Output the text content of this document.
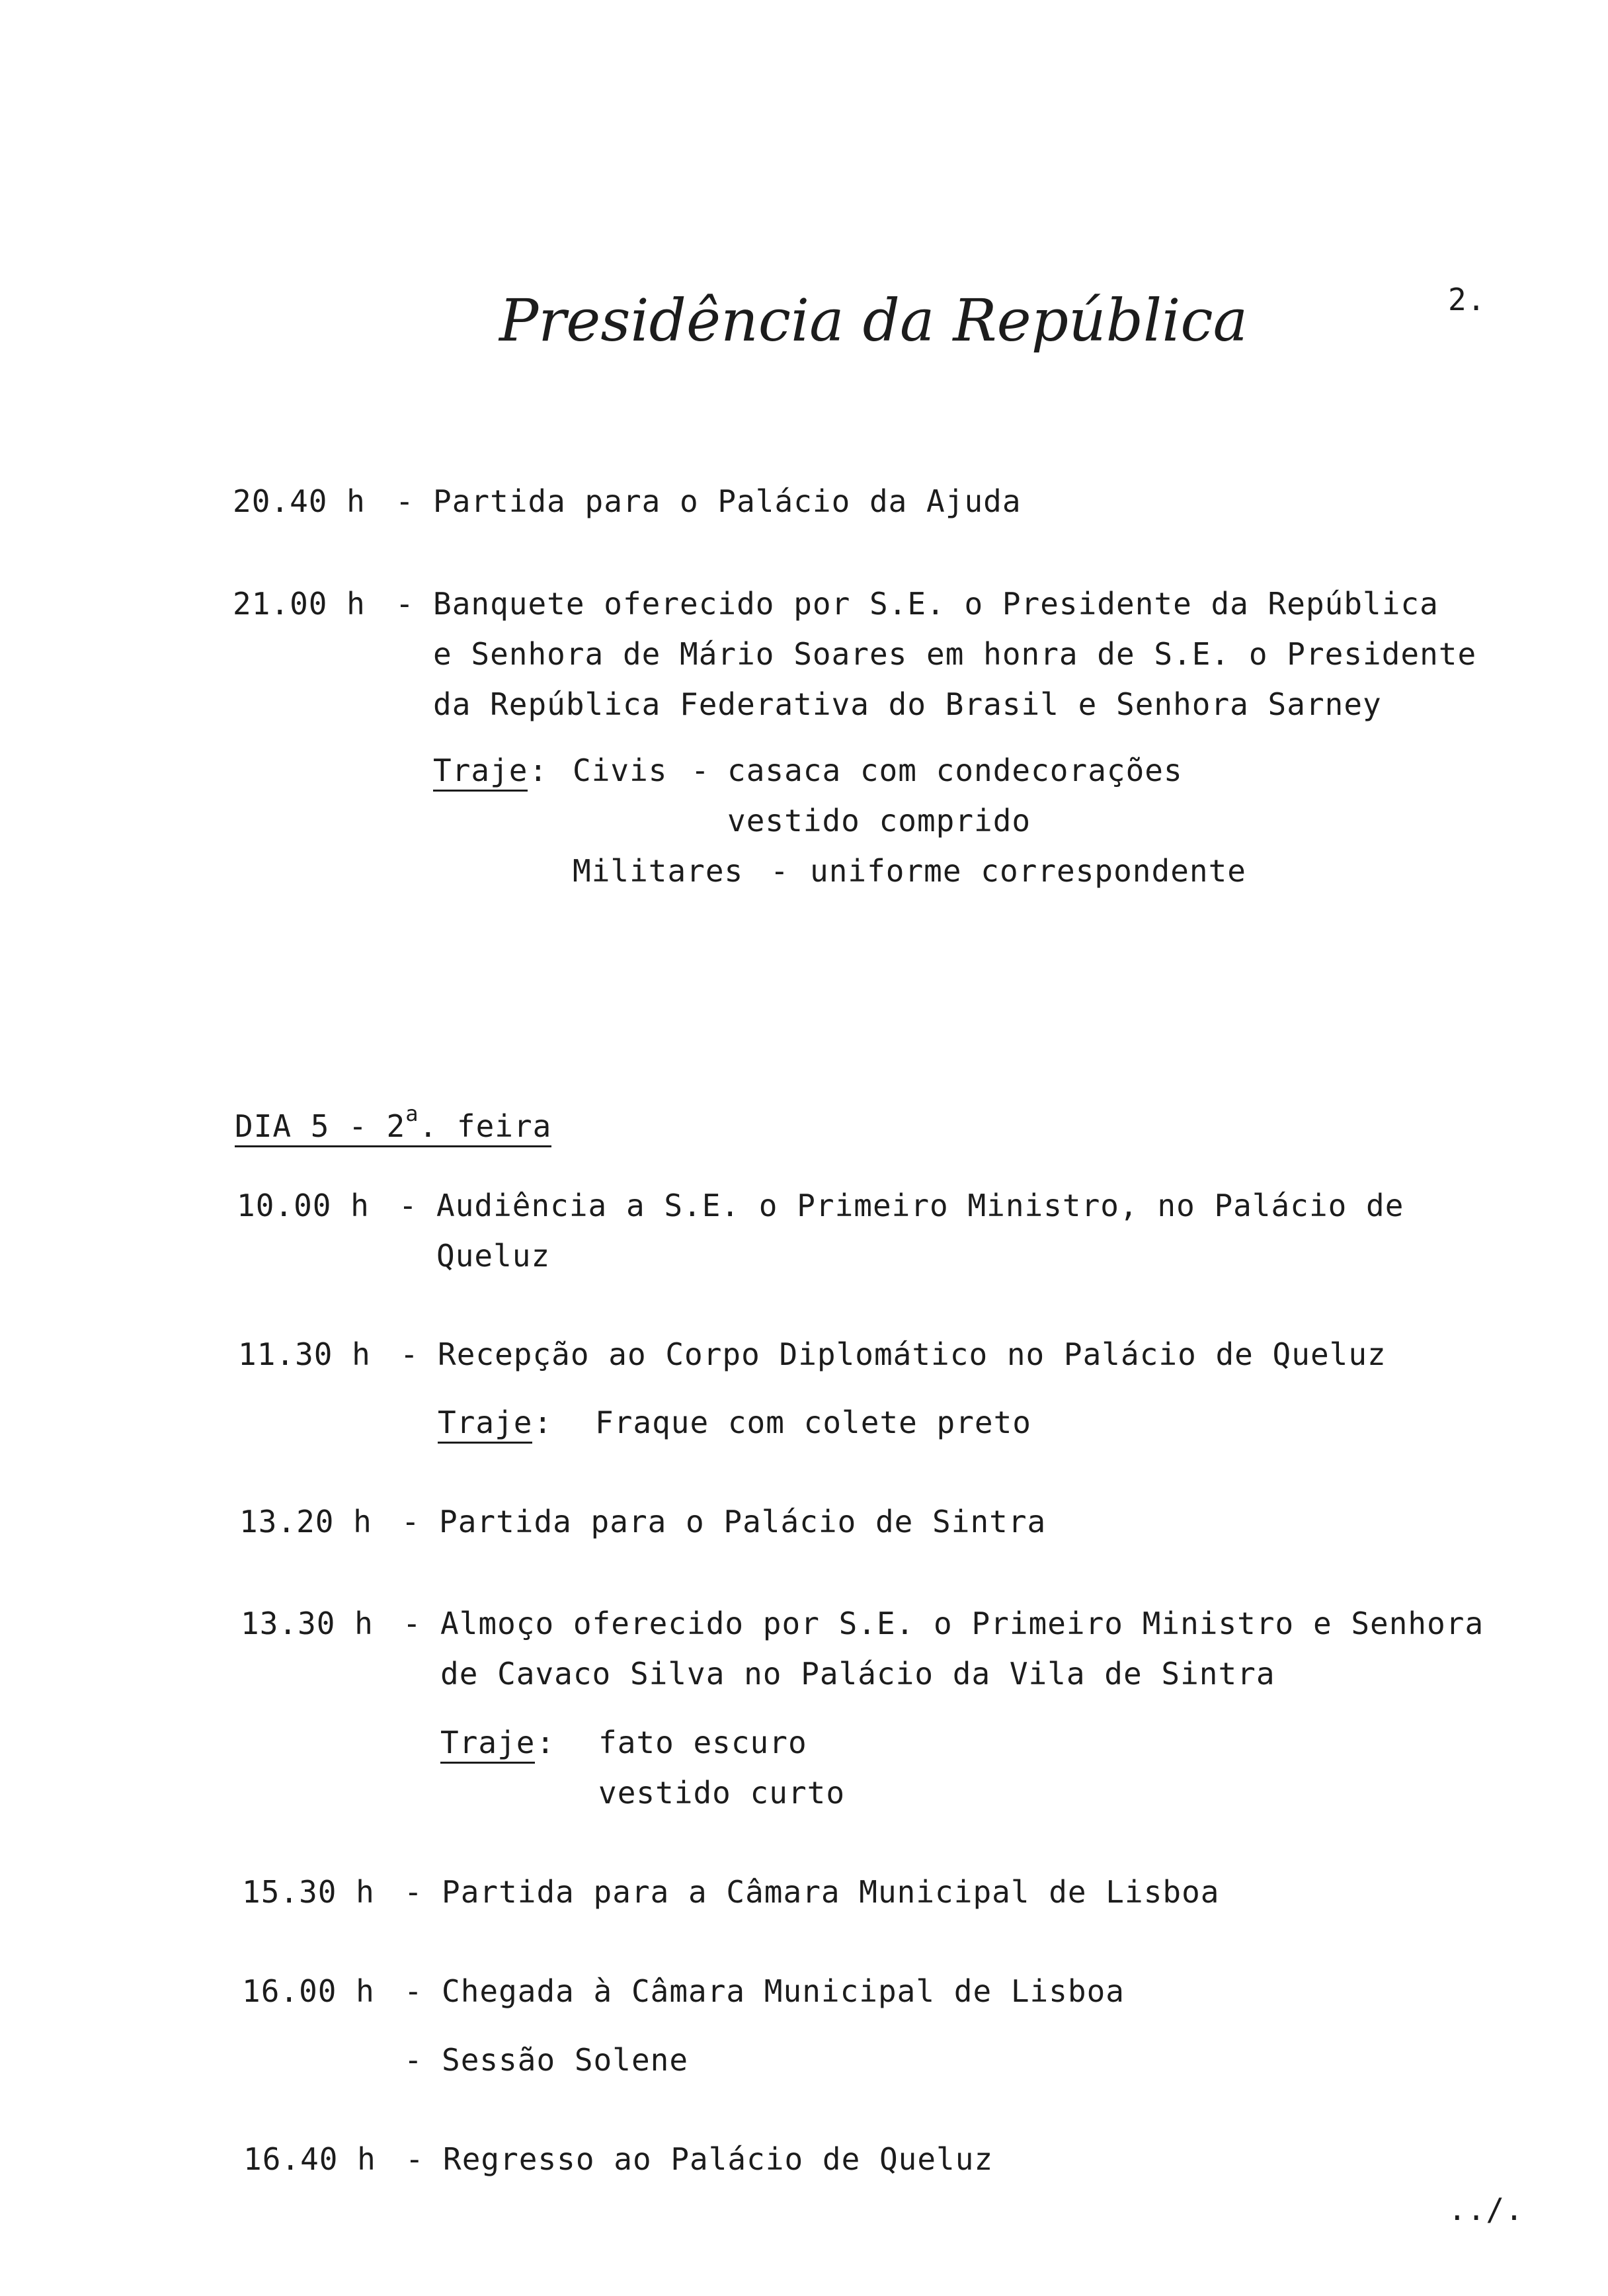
Presidência da República	2.
20.40 h - Partida para o Palácio da Ajuda
21.00 h - Banquete oferecido por S.E. o Presidente da República
e Senhora de Mário Soares em honra de S.E. o Presidente
da República Federativa do Brasil e Senhora Sarney
Traje : Civis - casaca com condecorações
vestido comprido
Militares - uniforme correspondente
DIA 5 - 2$^a$. feira
10.00 h - Audiência a S.E. o Primeiro Ministro, no Palácio de
Queluz
11.30 h - Recepção ao Corpo Diplomático no Palácio de Queluz
Traje : Fraque com colete preto
13.20 h - Partida para o Palácio de Sintra
13.30 h - Almoço oferecido por S.E. o Primeiro Ministro e Senhora
de Cavaco Silva no Palácio da Vila de Sintra
Traje : fato escuro
vestido curto
15.30 h - Partida para a Câmara Municipal de Lisboa
16.00 h - Chegada à Câmara Municipal de Lisboa
- Sessão Solene
16.40 h - Regresso ao Palácio de Queluz
../.
